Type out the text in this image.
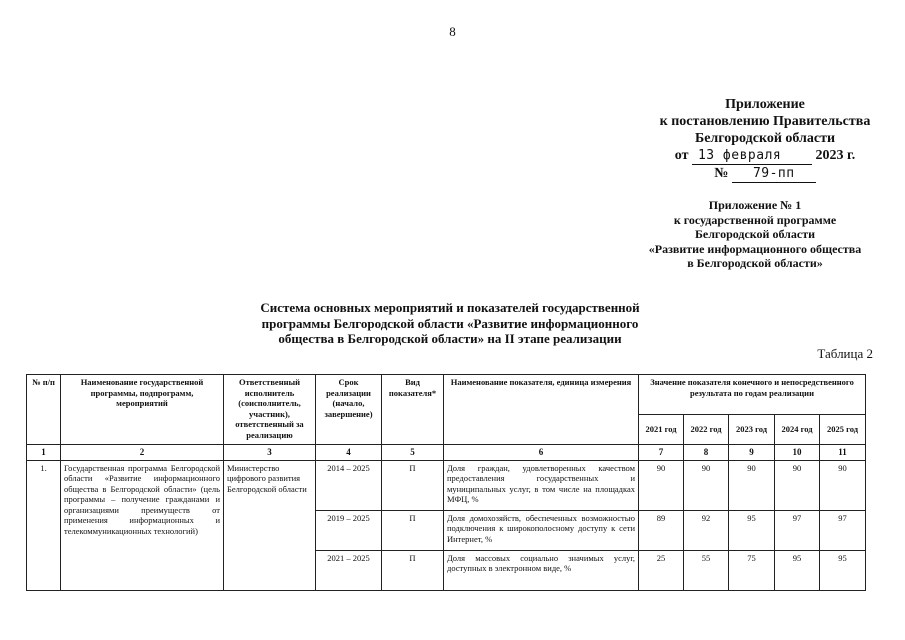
8
Приложение
к постановлению Правительства
Белгородской области
от 13 февраля 2023 г.
№ 79-пп
Приложение № 1
к государственной программе
Белгородской области
«Развитие информационного общества
в Белгородской области»
Система основных мероприятий и показателей государственной
программы Белгородской области «Развитие информационного
общества в Белгородской области» на II этапе реализации
Таблица 2
№ п/п	Наименование государственной программы, подпрограмм, мероприятий	Ответственный исполнитель (соисполнитель, участник), ответственный за реализацию	Срок реализации (начало, завершение)	Вид показателя*	Наименование показателя, единица измерения	Значение показателя конечного и непосредственного результата по годам реализации				
						2021 год	2022 год	2023 год	2024 год	2025 год
1	2	3	4	5	6	7	8	9	10	11
1.	Государственная программа Белгородской области «Развитие информационного общества в Белгородской области» (цель программы – получение гражданами и организациями преимуществ от применения информационных и телекоммуникационных технологий)	Министерство цифрового развития Белгородской области	2014 – 2025	П	Доля граждан, удовлетворенных качеством предоставления государственных и муниципальных услуг, в том числе на площадках МФЦ, %	90	90	90	90	90
			2019 – 2025	П	Доля домохозяйств, обеспеченных возможностью подключения к широкополосному доступу к сети Интернет, %	89	92	95	97	97
			2021 – 2025	П	Доля массовых социально значимых услуг, доступных в электронном виде, %	25	55	75	95	95
